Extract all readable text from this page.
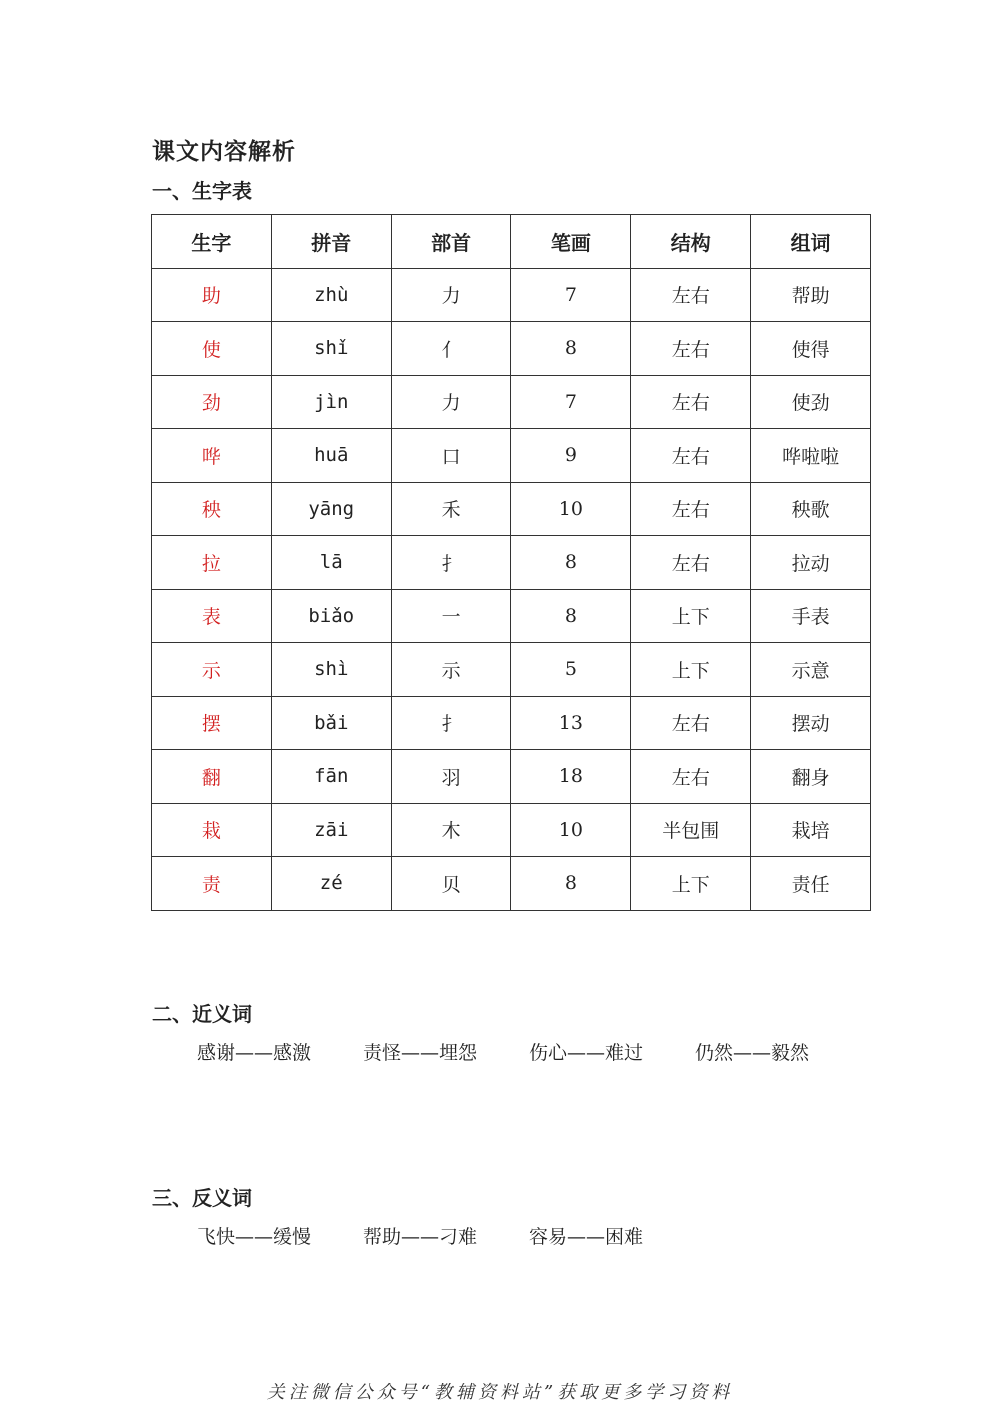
课文内容解析
一、生字表
生字	拼音	部首	笔画	结构	组词
助	zhù	力	7	左右	帮助
使	shǐ	亻	8	左右	使得
劲	jìn	力	7	左右	使劲
哗	huā	口	9	左右	哗啦啦
秧	yāng	禾	10	左右	秧歌
拉	lā	扌	8	左右	拉动
表	biǎo	一	8	上下	手表
示	shì	示	5	上下	示意
摆	bǎi	扌	13	左右	摆动
翻	fān	羽	18	左右	翻身
栽	zāi	木	10	半包围	栽培
责	zé	贝	8	上下	责任
二、近义词
感谢——感激	责怪——埋怨	伤心——难过	仍然——毅然
三、反义词
飞快——缓慢	帮助——刁难	容易——困难
关注微信公众号“教辅资料站”获取更多学习资料
